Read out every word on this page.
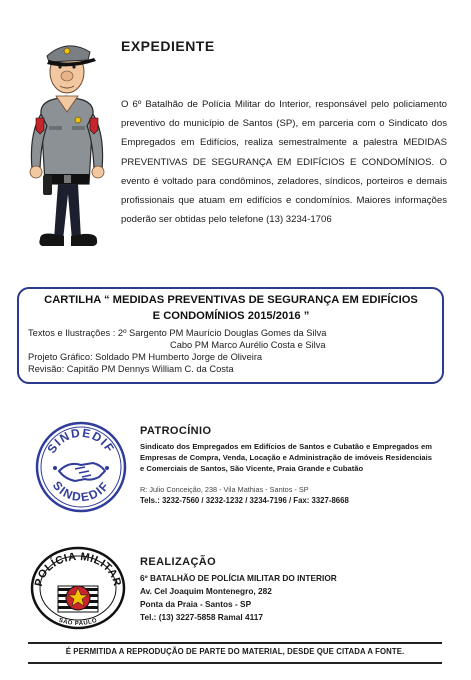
EXPEDIENTE
O 6º Batalhão de Polícia Militar do Interior, responsável pelo policiamento preventivo do município de Santos (SP), em parceria com o Sindicato dos Empregados em Edifícios, realiza semestralmente a palestra MEDIDAS PREVENTIVAS DE SEGURANÇA EM EDIFÍCIOS E CONDOMÍNIOS. O evento é voltado para condôminos, zeladores, síndicos, porteiros e demais profissionais que atuam em edifícios e condomínios. Maiores informações poderão ser obtidas pelo telefone (13) 3234-1706
CARTILHA “ MEDIDAS PREVENTIVAS DE SEGURANÇA EM EDIFÍCIOS
E CONDOMÍNIOS 2015/2016 ”
Textos e Ilustrações : 2º Sargento PM Maurício Douglas Gomes da Silva
Cabo PM Marco Aurélio Costa e Silva
Projeto Gráfico: Soldado PM Humberto Jorge de Oliveira
Revisão: Capitão PM Dennys William C. da Costa
SINDEDIF
SINDEDIF
PATROCÍNIO
Sindicato dos Empregados em Edifícios de Santos e Cubatão e Empregados em Empresas de Compra, Venda, Locação e Administração de imóveis Residenciais e Comerciais de Santos, São Vicente, Praia Grande e Cubatão
R: Julio Conceição, 238 - Vila Mathias - Santos - SP
Tels.: 3232-7560 / 3232-1232 / 3234-7196 / Fax: 3327-8668
POLÍCIA MILITAR
SÃO PAULO
REALIZAÇÃO
6º BATALHÃO DE POLÍCIA MILITAR DO INTERIOR
Av. Cel Joaquim Montenegro, 282
Ponta da Praia - Santos - SP
Tel.: (13) 3227-5858 Ramal 4117
É PERMITIDA A REPRODUÇÃO DE PARTE DO MATERIAL, DESDE QUE CITADA A FONTE.
